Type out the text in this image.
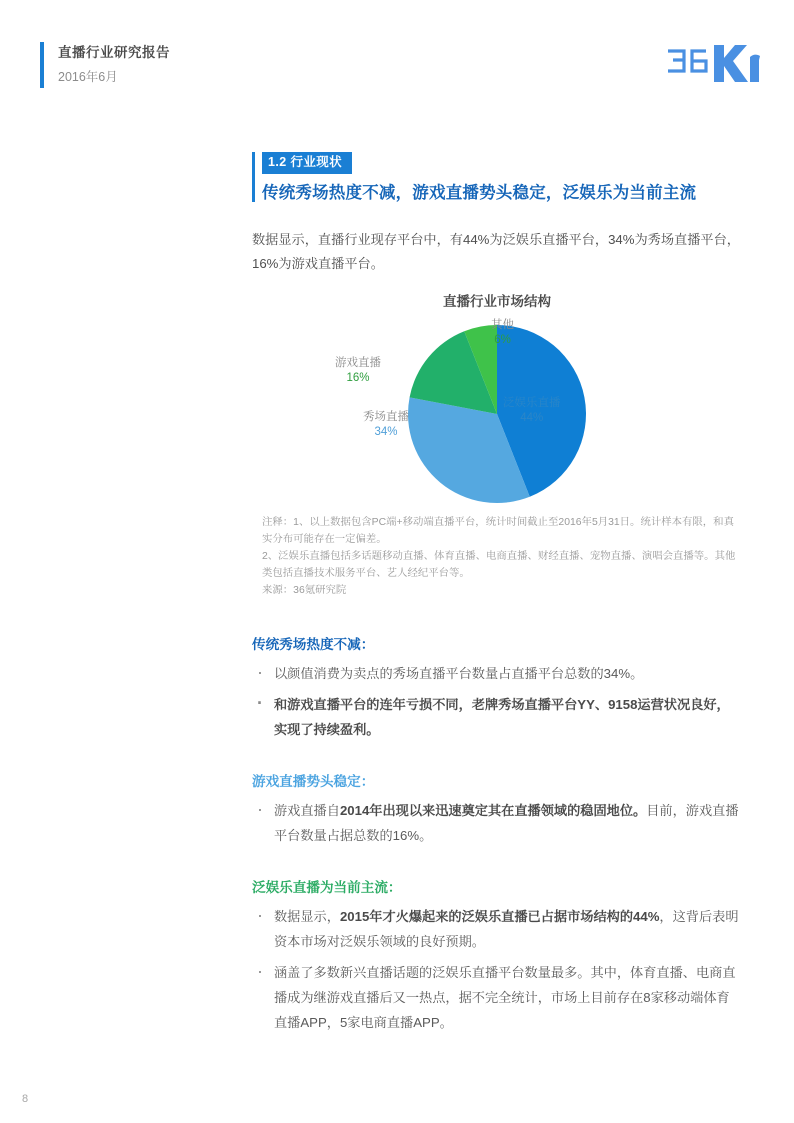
直播行业研究报告
2016年6月
1.2 行业现状
传统秀场热度不减，游戏直播势头稳定，泛娱乐为当前主流

数据显示，直播行业现存平台中，有44%为泛娱乐直播平台，34%为秀场直播平台，16%为游戏直播平台。

直播行业市场结构
其他
6%
游戏直播
16%
秀场直播
34%
泛娱乐直播
44%

注释：1、以上数据包含PC端+移动端直播平台，统计时间截止至2016年5月31日。统计样本有限，和真实分布可能存在一定偏差。

2、泛娱乐直播包括多话题移动直播、体育直播、电商直播、财经直播、宠物直播、演唱会直播等。其他类包括直播技术服务平台、艺人经纪平台等。

来源：36氪研究院

传统秀场热度不减：
· 以颜值消费为卖点的秀场直播平台数量占直播平台总数的34%。
· 和游戏直播平台的连年亏损不同，老牌秀场直播平台YY、9158运营状况良好，实现了持续盈利。
游戏直播势头稳定：
· 游戏直播自2014年出现以来迅速奠定其在直播领域的稳固地位。目前，游戏直播平台数量占据总数的16%。
泛娱乐直播为当前主流：
· 数据显示，2015年才火爆起来的泛娱乐直播已占据市场结构的44%，这背后表明资本市场对泛娱乐领域的良好预期。
· 涵盖了多数新兴直播话题的泛娱乐直播平台数量最多。其中，体育直播、电商直播成为继游戏直播后又一热点，据不完全统计，市场上目前存在8家移动端体育直播APP，5家电商直播APP。
8
